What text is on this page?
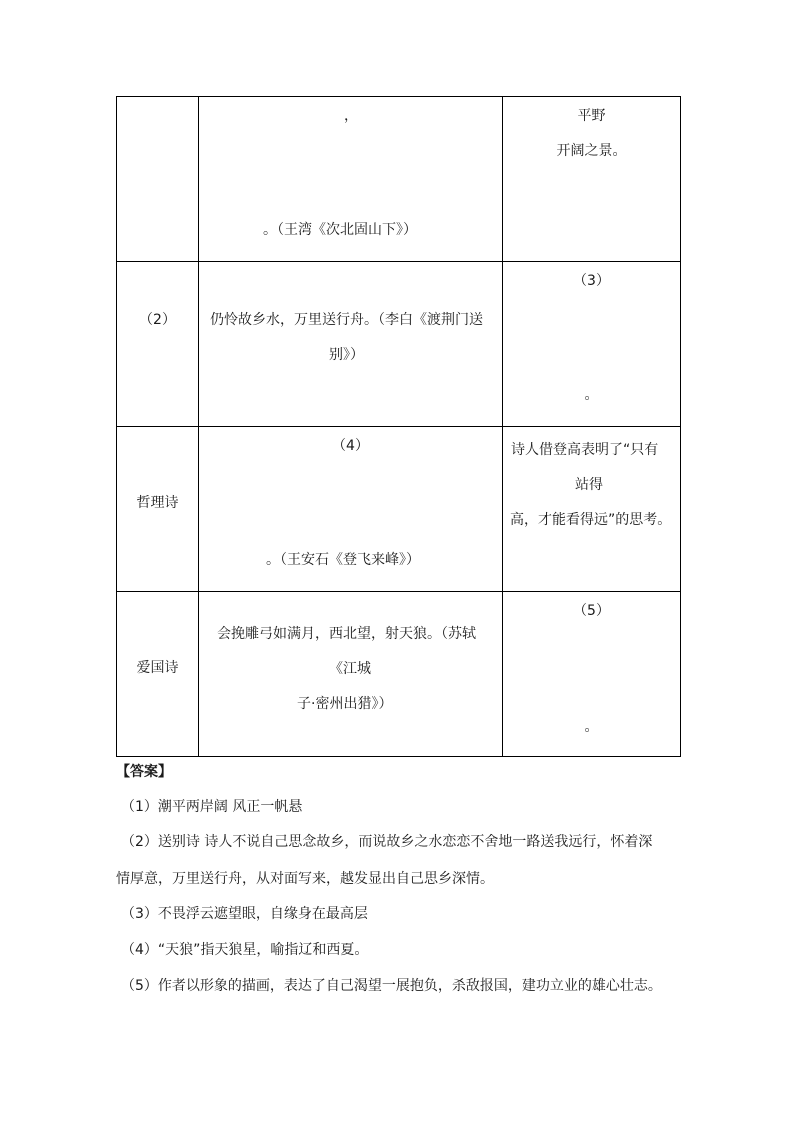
	，
。（王湾《次北固山下》）	平野
开阔之景。

（2）	仍怜故乡水，万里送行舟。（李白《渡荆门送
别》）	（3）
。

哲理诗	（4）
。（王安石《登飞来峰》）	诗人借登高表明了“只有
站得
高，才能看得远”的思考。

爱国诗	会挽雕弓如满月，西北望，射天狼。（苏轼
《江城
子·密州出猎》）	（5）
。
【答案】
（1）潮平两岸阔 风正一帆悬
（2）送别诗 诗人不说自己思念故乡，而说故乡之水恋恋不舍地一路送我远行，怀着深
情厚意，万里送行舟，从对面写来，越发显出自己思乡深情。
（3）不畏浮云遮望眼，自缘身在最高层
（4）“天狼”指天狼星，喻指辽和西夏。
（5）作者以形象的描画，表达了自己渴望一展抱负，杀敌报国，建功立业的雄心壮志。
